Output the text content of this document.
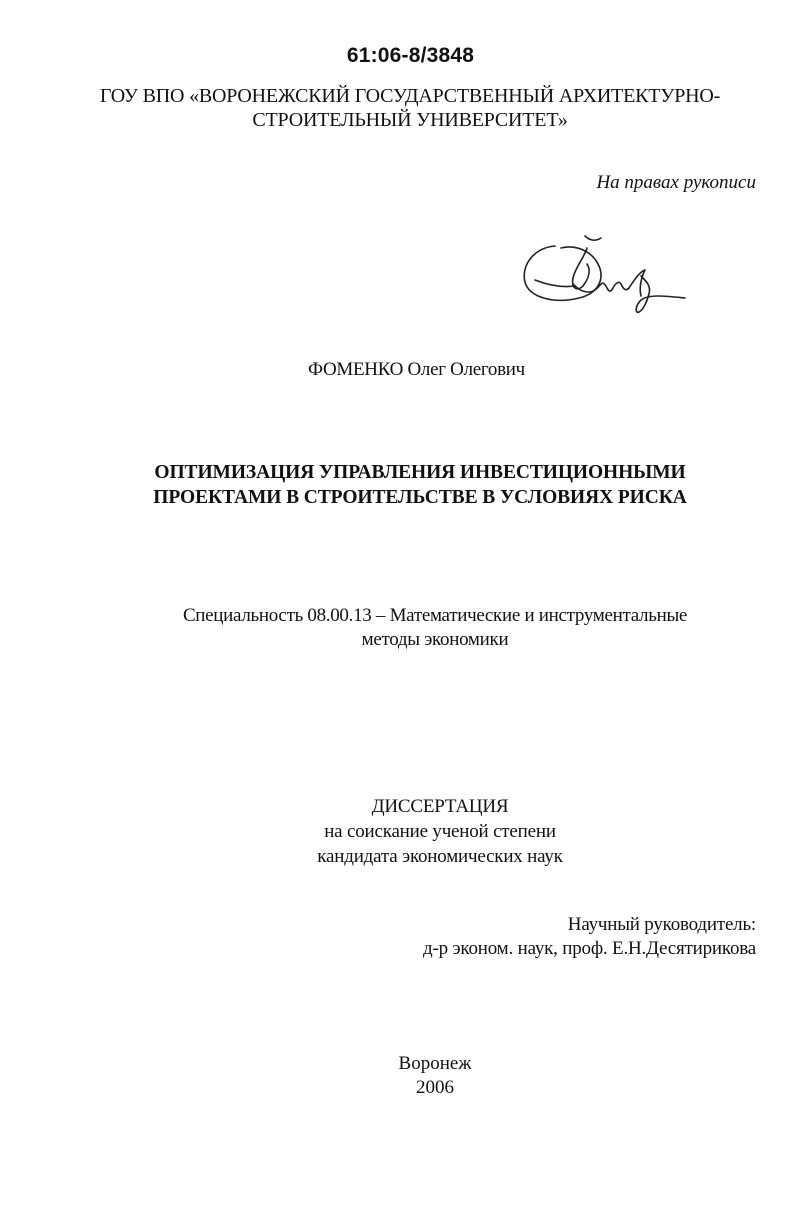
61:06-8/3848
ГОУ ВПО «ВОРОНЕЖСКИЙ ГОСУДАРСТВЕННЫЙ АРХИТЕКТУРНО-
СТРОИТЕЛЬНЫЙ УНИВЕРСИТЕТ»
На правах рукописи
ФОМЕНКО Олег Олегович
ОПТИМИЗАЦИЯ УПРАВЛЕНИЯ ИНВЕСТИЦИОННЫМИ
ПРОЕКТАМИ В СТРОИТЕЛЬСТВЕ В УСЛОВИЯХ РИСКА
Специальность 08.00.13 – Математические и инструментальные
методы экономики
ДИССЕРТАЦИЯ
на соискание ученой степени
кандидата экономических наук
Научный руководитель:
д-р эконом. наук, проф. Е.Н.Десятирикова
Воронеж
2006
